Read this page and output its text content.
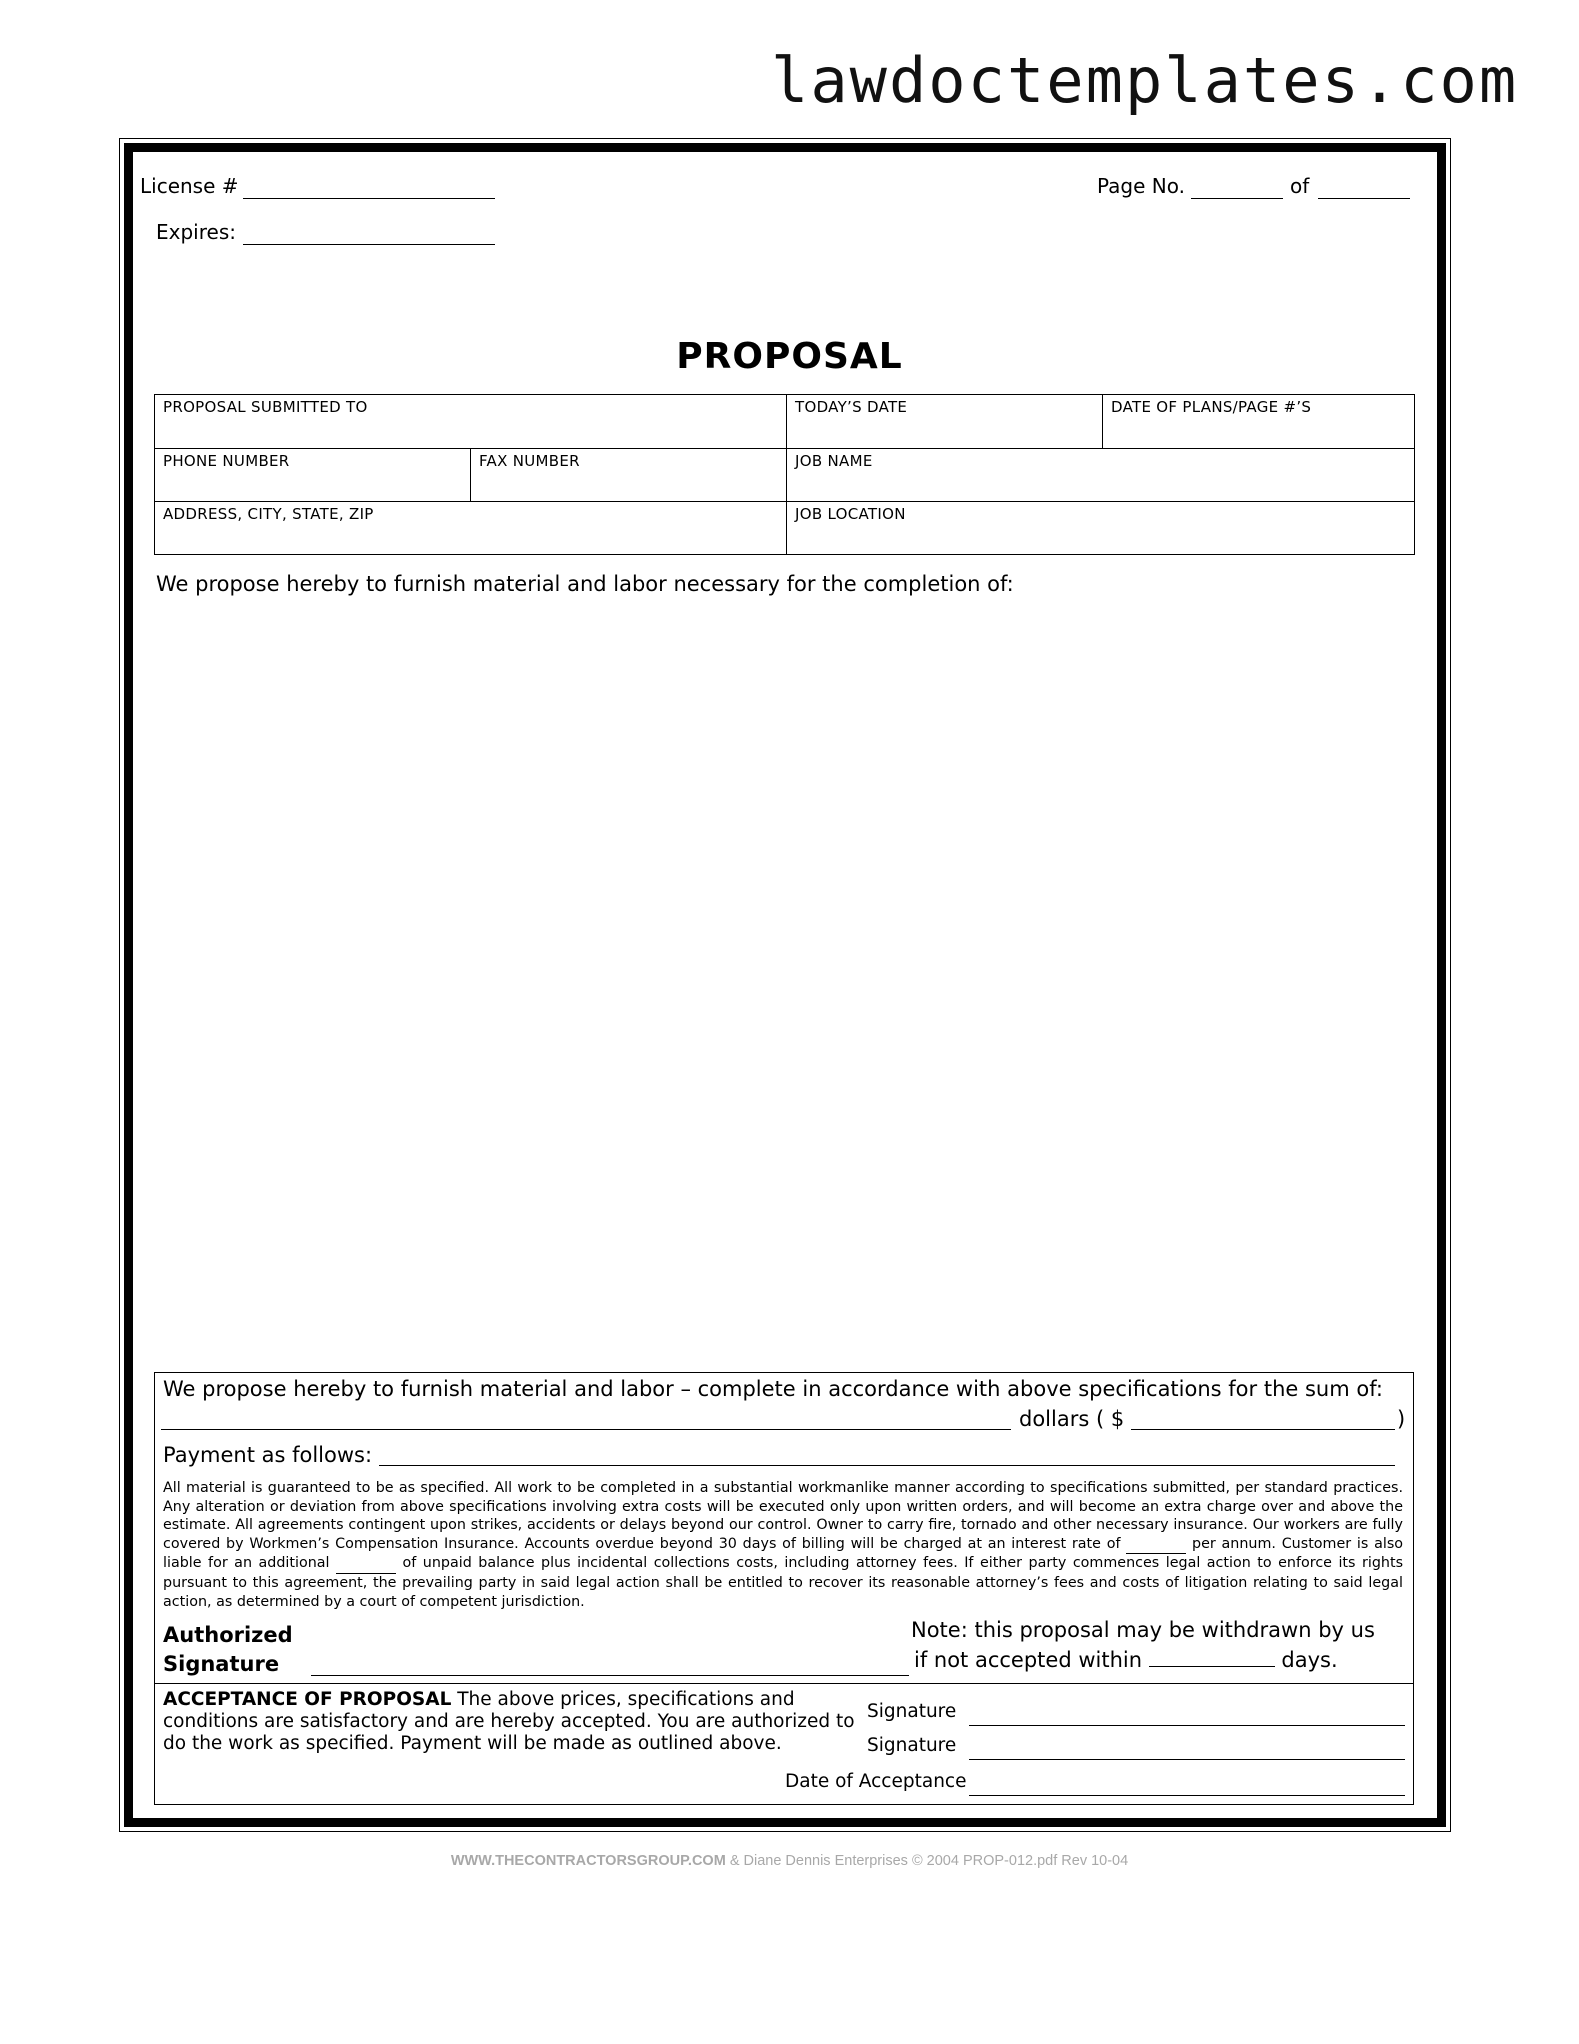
lawdoctemplates.com
License #
Expires:
Page No.	of
PROPOSAL
PROPOSAL SUBMITTED TO		TODAY’S DATE	DATE OF PLANS/PAGE #’S
PHONE NUMBER	FAX NUMBER	JOB NAME	
ADDRESS, CITY, STATE, ZIP		JOB LOCATION	
We propose hereby to furnish material and labor necessary for the completion of:
We propose hereby to furnish material and labor – complete in accordance with above specifications for the sum of:
dollars ( $	)
Payment as follows:
All material is guaranteed to be as specified. All work to be completed in a substantial workmanlike manner according to specifications submitted, per standard practices. Any alteration or deviation from above specifications involving extra costs will be executed only upon written orders, and will become an extra charge over and above the estimate. All agreements contingent upon strikes, accidents or delays beyond our control. Owner to carry fire, tornado and other necessary insurance. Our workers are fully covered by Workmen’s Compensation Insurance. Accounts overdue beyond 30 days of billing will be charged at an interest rate of	per annum. Customer is also liable for an additional	of unpaid balance plus incidental collections costs, including attorney fees. If either party commences legal action to enforce its rights pursuant to this agreement, the prevailing party in said legal action shall be entitled to recover its reasonable attorney’s fees and costs of litigation relating to said legal action, as determined by a court of competent jurisdiction.
Authorized
Signature
Note: this proposal may be withdrawn by us
if not accepted within	days.
ACCEPTANCE OF PROPOSAL The above prices, specifications and conditions are satisfactory and are hereby accepted. You are authorized to do the work as specified. Payment will be made as outlined above.
Signature
Signature
Date of Acceptance
WWW.THECONTRACTORSGROUP.COM & Diane Dennis Enterprises © 2004 PROP-012.pdf Rev 10-04
